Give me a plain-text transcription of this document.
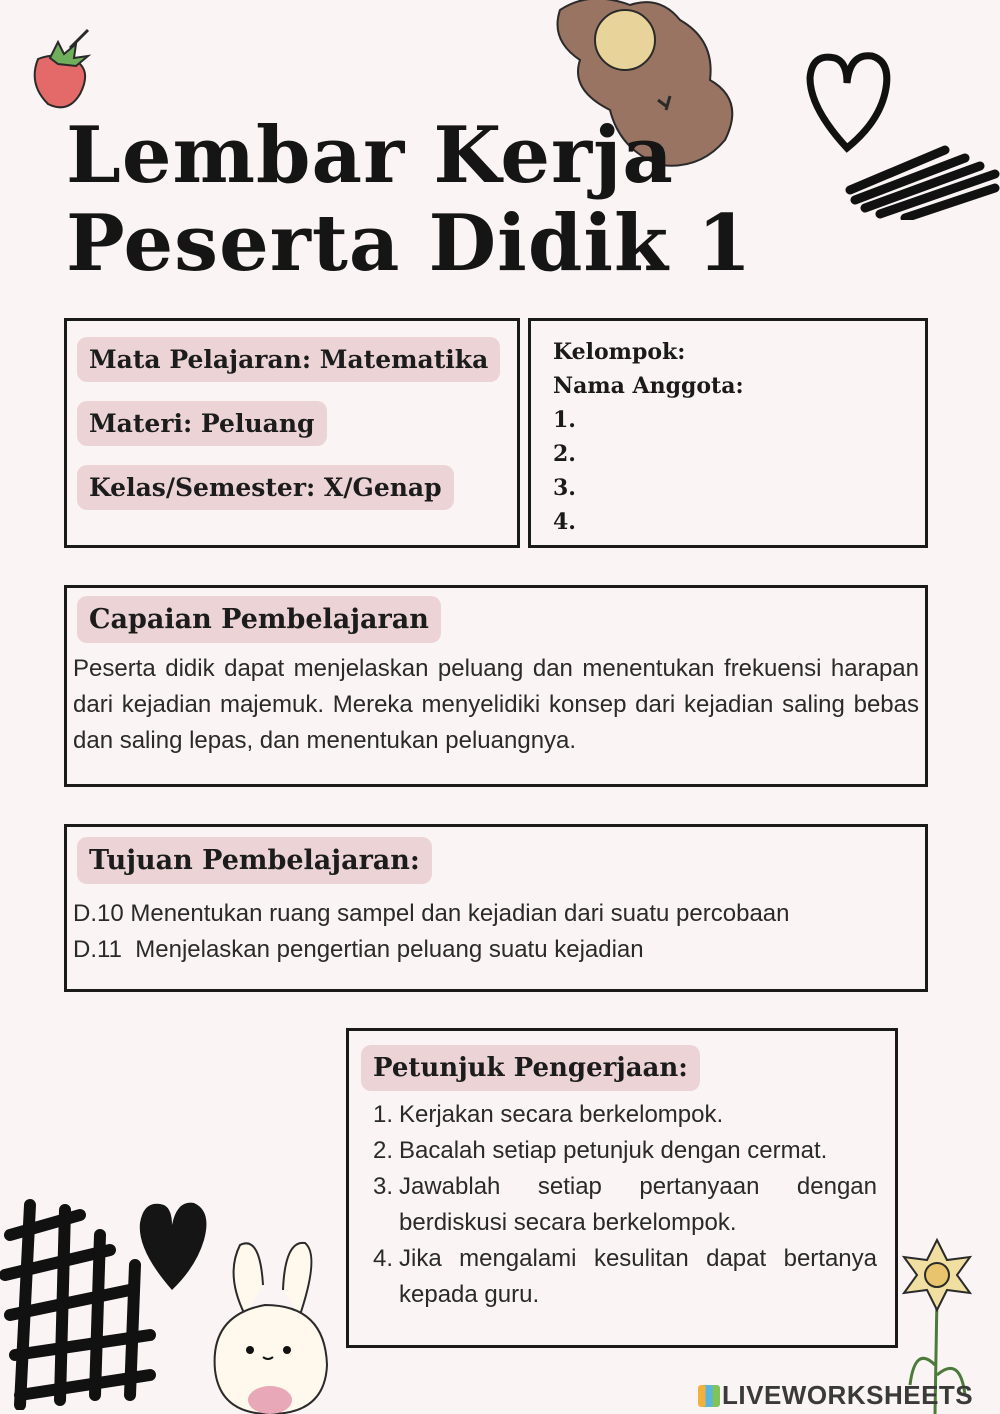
Lembar Kerja
Peserta Didik 1
Mata Pelajaran: Matematika
Materi: Peluang
Kelas/Semester: X/Genap
Kelompok:
Nama Anggota:
1.
2.
3.
4.
Capaian Pembelajaran
Peserta didik dapat menjelaskan peluang dan menentukan frekuensi harapan dari kejadian majemuk. Mereka menyelidiki konsep dari kejadian saling bebas dan saling lepas, dan menentukan peluangnya.
Tujuan Pembelajaran:
D.10 Menentukan ruang sampel dan kejadian dari suatu percobaan
D.11  Menjelaskan pengertian peluang suatu kejadian
Petunjuk Pengerjaan:
1. Kerjakan secara berkelompok.
2. Bacalah setiap petunjuk dengan cermat.
3. Jawablah setiap pertanyaan dengan berdiskusi secara berkelompok.
4. Jika mengalami kesulitan dapat bertanya kepada guru.
LIVEWORKSHEETS
